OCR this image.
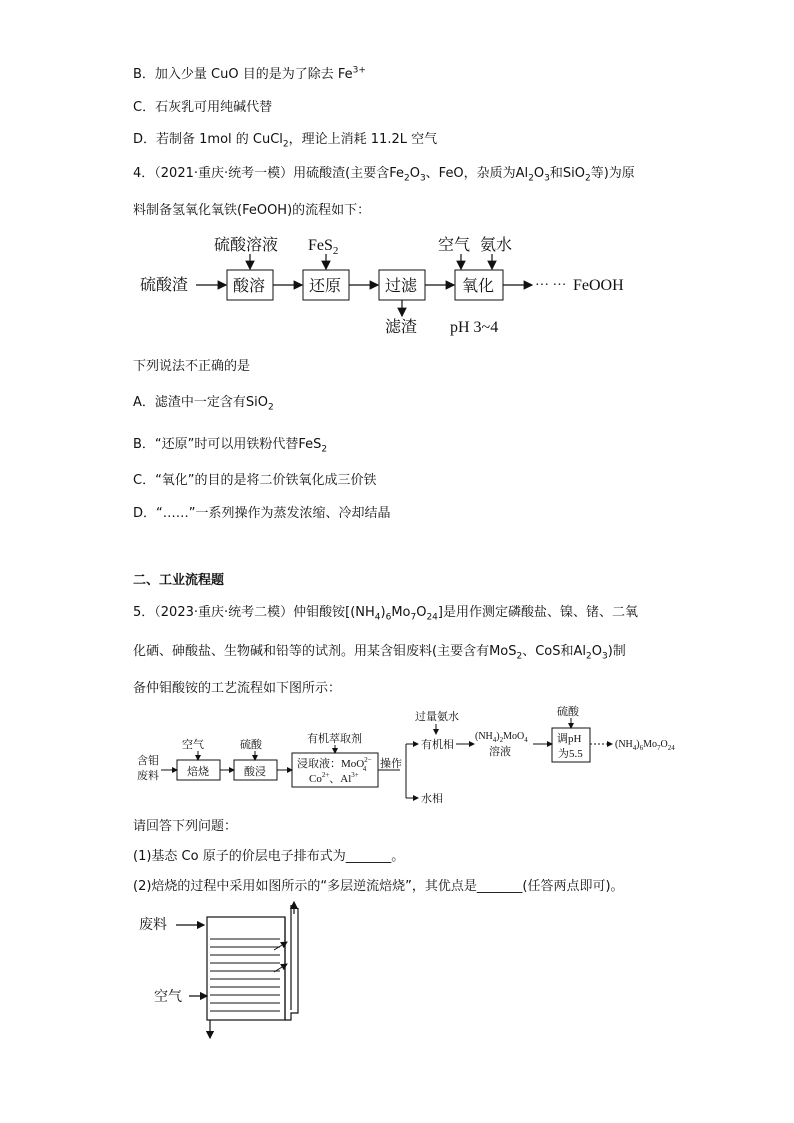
B．加入少量 CuO 目的是为了除去 $Fe^{3+}$
C．石灰乳可用纯碱代替
D．若制备 1mol 的 CuCl$_2$，理论上消耗 11.2L 空气
4．（2021·重庆·统考一模）用硫酸渣(主要含$Fe_2O_3$、FeO，杂质为$Al_2O_3$和SiO$_2$等)为原
料制备氢氧化氧铁(FeOOH)的流程如下：
硫酸渣	酸溶
硫酸溶液
还原
FeS$_2$
过滤
滤渣
氧化
空气 氨水
pH 3~4
··· ··· FeOOH
下列说法不正确的是
A．滤渣中一定含有SiO$_2$
B．“还原”时可以用铁粉代替FeS$_2$
C．“氧化”的目的是将二价铁氧化成三价铁
D．“……”一系列操作为蒸发浓缩、冷却结晶
二、工业流程题
5．（2023·重庆·统考二模）仲钼酸铵$[(NH_4)_6Mo_7O_{24}]$是用作测定磷酸盐、镍、锗、二氧
化硒、砷酸盐、生物碱和铅等的试剂。用某含钼废料(主要含有MoS$_2$、CoS和$Al_2O_3$)制
备仲钼酸铵的工艺流程如下图所示：
含钼
废料	焙烧
空气
酸浸
硫酸
浸取液：MoO$^{2-}$ 4
$Co^{2+}$、$Al^{3+}$
有机萃取剂
操作
有机相
水相
过量氨水
$(NH_4)_2MoO_4$
溶液
调pH
为5.5
硫酸
$(NH_4)_6Mo_7O_{24}$
请回答下列问题：
(1)基态 Co 原子的价层电子排布式为_______。
(2)焙烧的过程中采用如图所示的“多层逆流焙烧”，其优点是_______(任答两点即可)。
废料
空气
